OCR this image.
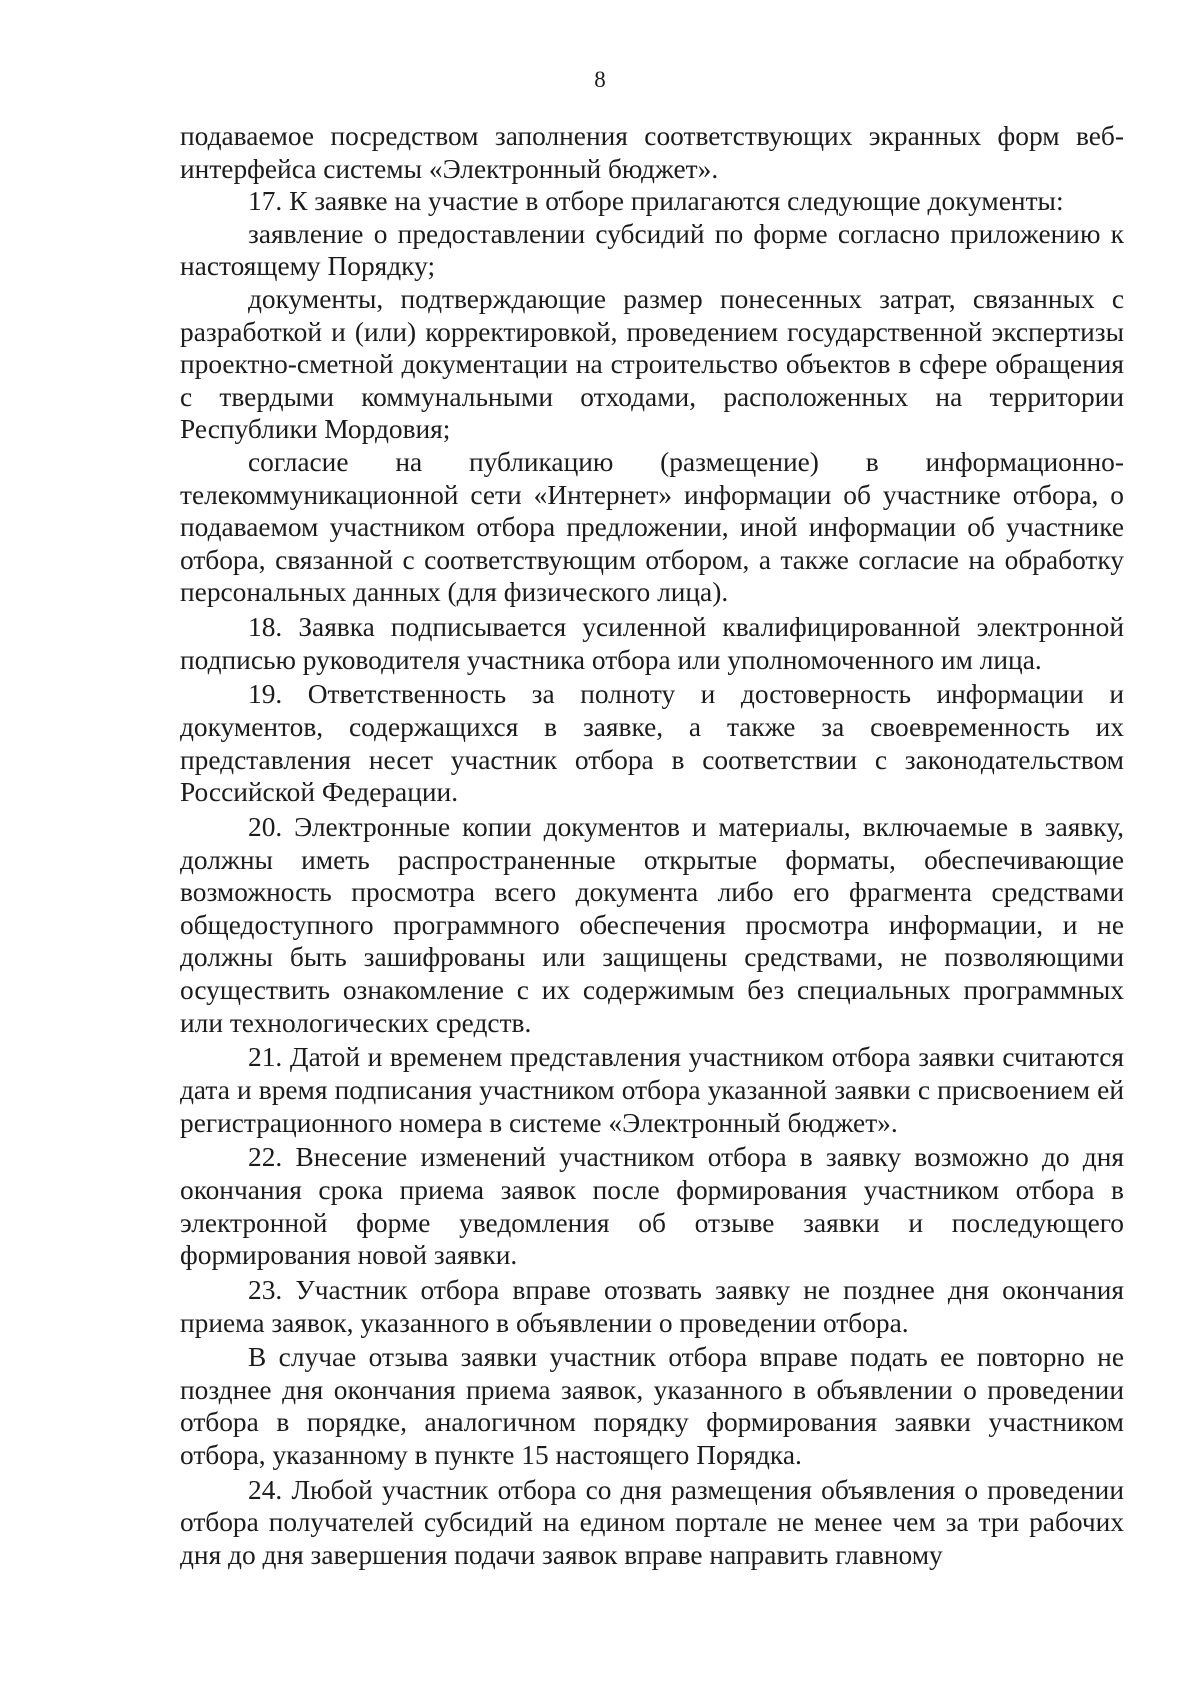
8

подаваемое посредством заполнения соответствующих экранных форм веб-интерфейса системы «Электронный бюджет».

17. К заявке на участие в отборе прилагаются следующие документы:

заявление о предоставлении субсидий по форме согласно приложению к настоящему Порядку;

документы, подтверждающие размер понесенных затрат, связанных с разработкой и (или) корректировкой, проведением государственной экспертизы проектно-сметной документации на строительство объектов в сфере обращения с твердыми коммунальными отходами, расположенных на территории Республики Мордовия;

согласие на публикацию (размещение) в информационно-телекоммуникационной сети «Интернет» информации об участнике отбора, о подаваемом участником отбора предложении, иной информации об участнике отбора, связанной с соответствующим отбором, а также согласие на обработку персональных данных (для физического лица).

18. Заявка подписывается усиленной квалифицированной электронной подписью руководителя участника отбора или уполномоченного им лица.

19. Ответственность за полноту и достоверность информации и документов, содержащихся в заявке, а также за своевременность их представления несет участник отбора в соответствии с законодательством Российской Федерации.

20. Электронные копии документов и материалы, включаемые в заявку, должны иметь распространенные открытые форматы, обеспечивающие возможность просмотра всего документа либо его фрагмента средствами общедоступного программного обеспечения просмотра информации, и не должны быть зашифрованы или защищены средствами, не позволяющими осуществить ознакомление с их содержимым без специальных программных или технологических средств.

21. Датой и временем представления участником отбора заявки считаются дата и время подписания участником отбора указанной заявки с присвоением ей регистрационного номера в системе «Электронный бюджет».

22. Внесение изменений участником отбора в заявку возможно до дня окончания срока приема заявок после формирования участником отбора в электронной форме уведомления об отзыве заявки и последующего формирования новой заявки.

23. Участник отбора вправе отозвать заявку не позднее дня окончания приема заявок, указанного в объявлении о проведении отбора.

В случае отзыва заявки участник отбора вправе подать ее повторно не позднее дня окончания приема заявок, указанного в объявлении о проведении отбора в порядке, аналогичном порядку формирования заявки участником отбора, указанному в пункте 15 настоящего Порядка.

24. Любой участник отбора со дня размещения объявления о проведении отбора получателей субсидий на едином портале не менее чем за три рабочих дня до дня завершения подачи заявок вправе направить главному
